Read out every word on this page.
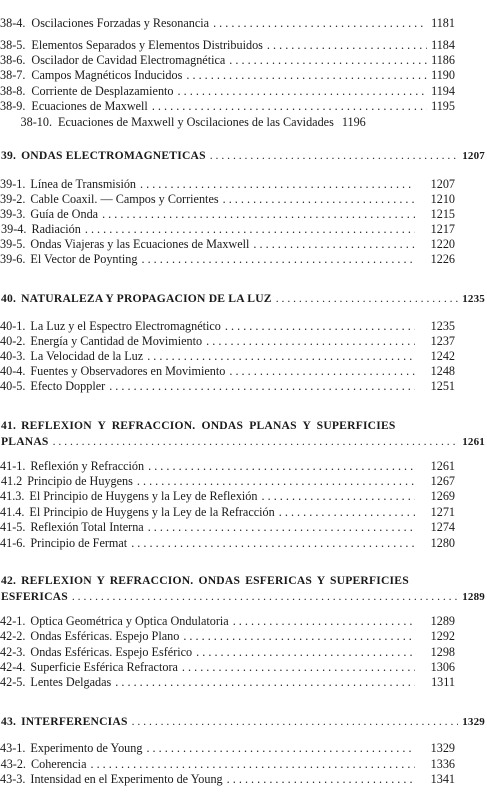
38-4. Oscilaciones Forzadas y Resonancia . . .	1181
38-5. Elementos Separados y Elementos Distribuidos . . .	1184
38-6. Oscilador de Cavidad Electromagnética . . .	1186
38-7. Campos Magnéticos Inducidos . . .	1190
38-8. Corriente de Desplazamiento . . .	1194
38-9. Ecuaciones de Maxwell . . .	1195
38-10. Ecuaciones de Maxwell y Oscilaciones de las Cavidades 1196
39. ONDAS ELECTROMAGNETICAS . . .	1207
39-1. Línea de Transmisión . . .	1207
39-2. Cable Coaxil. — Campos y Corrientes . . .	1210
39-3. Guía de Onda . . .	1215
39-4. Radiación . . .	1217
39-5. Ondas Viajeras y las Ecuaciones de Maxwell . . .	1220
39-6. El Vector de Poynting . . .	1226
40. NATURALEZA Y PROPAGACION DE LA LUZ . . .	1235
40-1. La Luz y el Espectro Electromagnético . . .	1235
40-2. Energía y Cantidad de Movimiento . . .	1237
40-3. La Velocidad de la Luz . . .	1242
40-4. Fuentes y Observadores en Movimiento . . .	1248
40-5. Efecto Doppler . . .	1251
41. REFLEXION Y REFRACCION. ONDAS PLANAS Y SUPERFICIES
PLANAS . . .	1261
41-1. Reflexión y Refracción . . .	1261
41.2 Principio de Huygens . . .	1267
41.3. El Principio de Huygens y la Ley de Reflexión . . .	1269
41.4. El Principio de Huygens y la Ley de la Refracción . . .	1271
41-5. Reflexión Total Interna . . .	1274
41-6. Principio de Fermat . . .	1280
42. REFLEXION Y REFRACCION. ONDAS ESFERICAS Y SUPERFICIES
ESFERICAS . . .	1289
42-1. Optica Geométrica y Optica Ondulatoria . . .	1289
42-2. Ondas Esféricas. Espejo Plano . . .	1292
42-3. Ondas Esféricas. Espejo Esférico . . .	1298
42-4. Superficie Esférica Refractora . . .	1306
42-5. Lentes Delgadas . . .	1311
43. INTERFERENCIAS . . .	1329
43-1. Experimento de Young . . .	1329
43-2. Coherencia . . .	1336
43-3. Intensidad en el Experimento de Young . . .	1341
